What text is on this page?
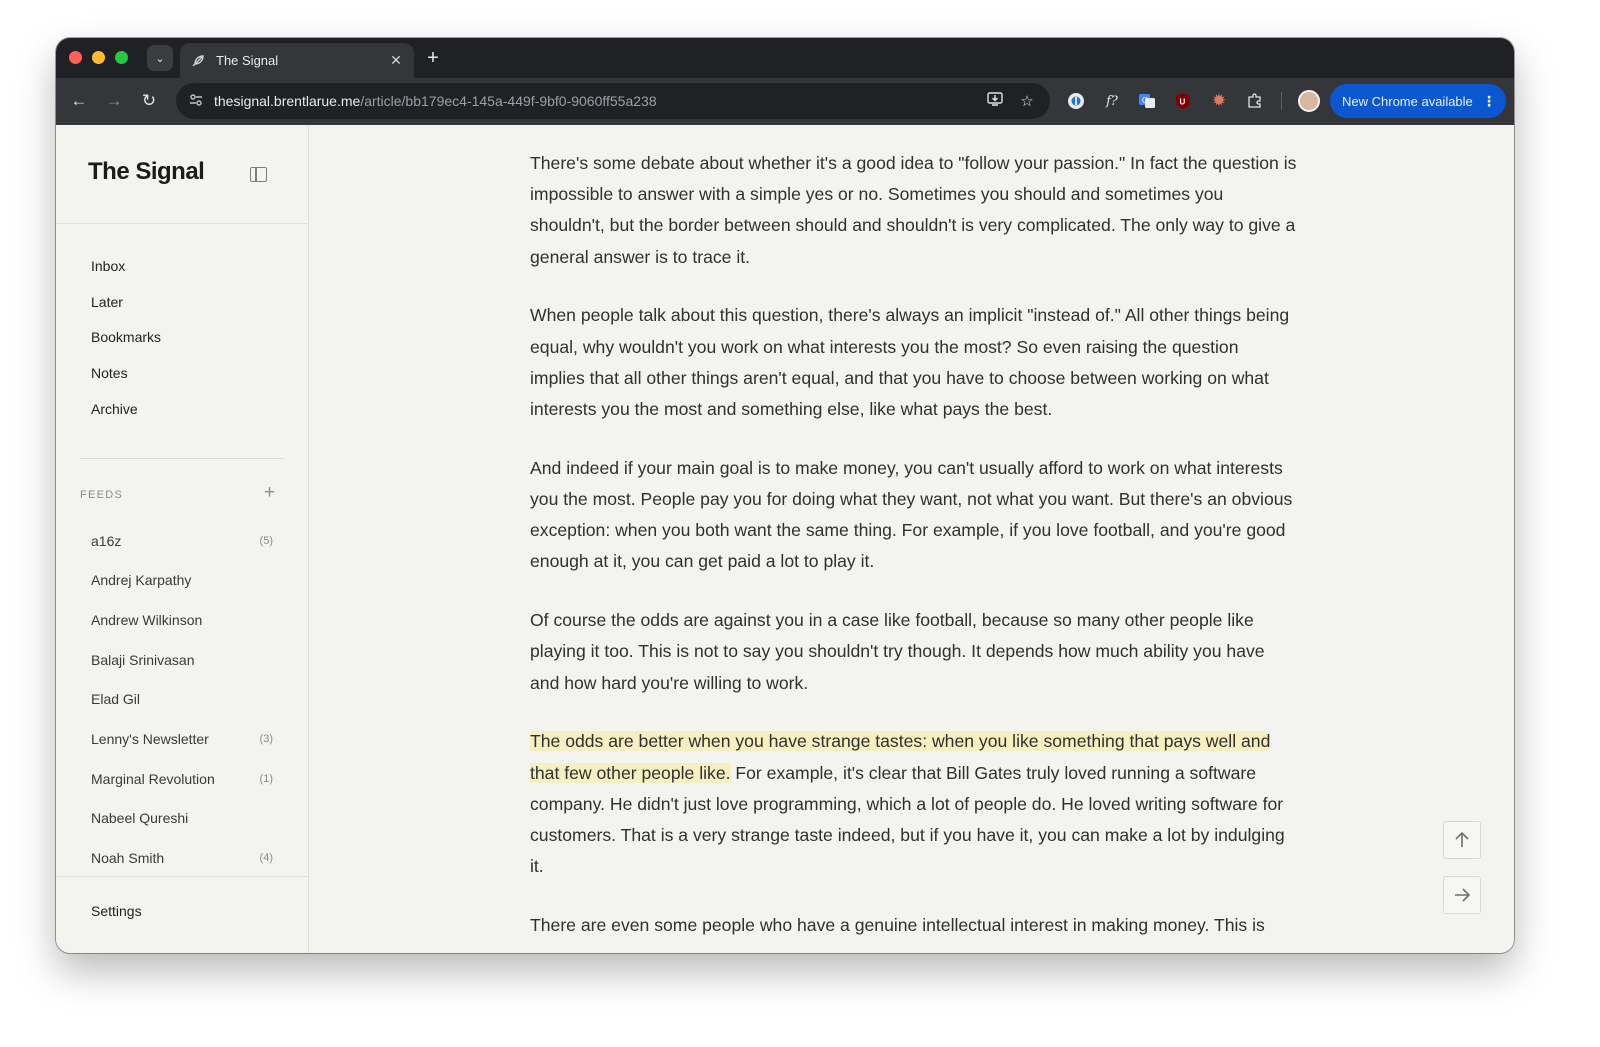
⌄	The Signal	✕	+
← → ↻	thesignal.brentlarue.me/article/bb179ec4-145a-449f-9bf0-9060ff55a238	☆	f?	G	U ✹	New Chrome available ⋮
The Signal
Inbox
Later
Bookmarks
Notes
Archive
FEEDS	+
a16z	(5)
Andrej Karpathy
Andrew Wilkinson
Balaji Srinivasan
Elad Gil
Lenny's Newsletter	(3)
Marginal Revolution	(1)
Nabeel Qureshi
Noah Smith	(4)
Settings

There's some debate about whether it's a good idea to "follow your passion." In fact the question is impossible to answer with a simple yes or no. Sometimes you should and sometimes you shouldn't, but the border between should and shouldn't is very complicated. The only way to give a general answer is to trace it.

When people talk about this question, there's always an implicit "instead of." All other things being equal, why wouldn't you work on what interests you the most? So even raising the question implies that all other things aren't equal, and that you have to choose between working on what interests you the most and something else, like what pays the best.

And indeed if your main goal is to make money, you can't usually afford to work on what interests you the most. People pay you for doing what they want, not what you want. But there's an obvious exception: when you both want the same thing. For example, if you love football, and you're good enough at it, you can get paid a lot to play it.

Of course the odds are against you in a case like football, because so many other people like playing it too. This is not to say you shouldn't try though. It depends how much ability you have and how hard you're willing to work.

The odds are better when you have strange tastes: when you like something that pays well and that few other people like. For example, it's clear that Bill Gates truly loved running a software company. He didn't just love programming, which a lot of people do. He loved writing software for customers. That is a very strange taste indeed, but if you have it, you can make a lot by indulging it.

There are even some people who have a genuine intellectual interest in making money. This is
